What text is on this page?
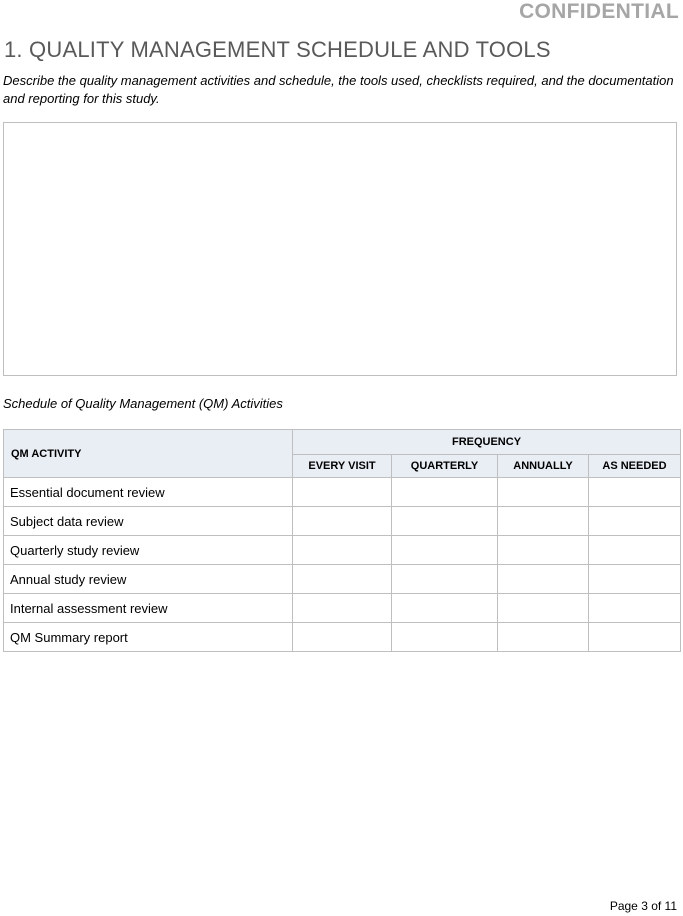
CONFIDENTIAL
1. QUALITY MANAGEMENT SCHEDULE AND TOOLS
Describe the quality management activities and schedule, the tools used, checklists required, and the documentation and reporting for this study.
Schedule of Quality Management (QM) Activities
QM ACTIVITY	FREQUENCY			
	EVERY VISIT	QUARTERLY	ANNUALLY	AS NEEDED
Essential document review				
Subject data review				
Quarterly study review				
Annual study review				
Internal assessment review				
QM Summary report				
Page 3 of 11
